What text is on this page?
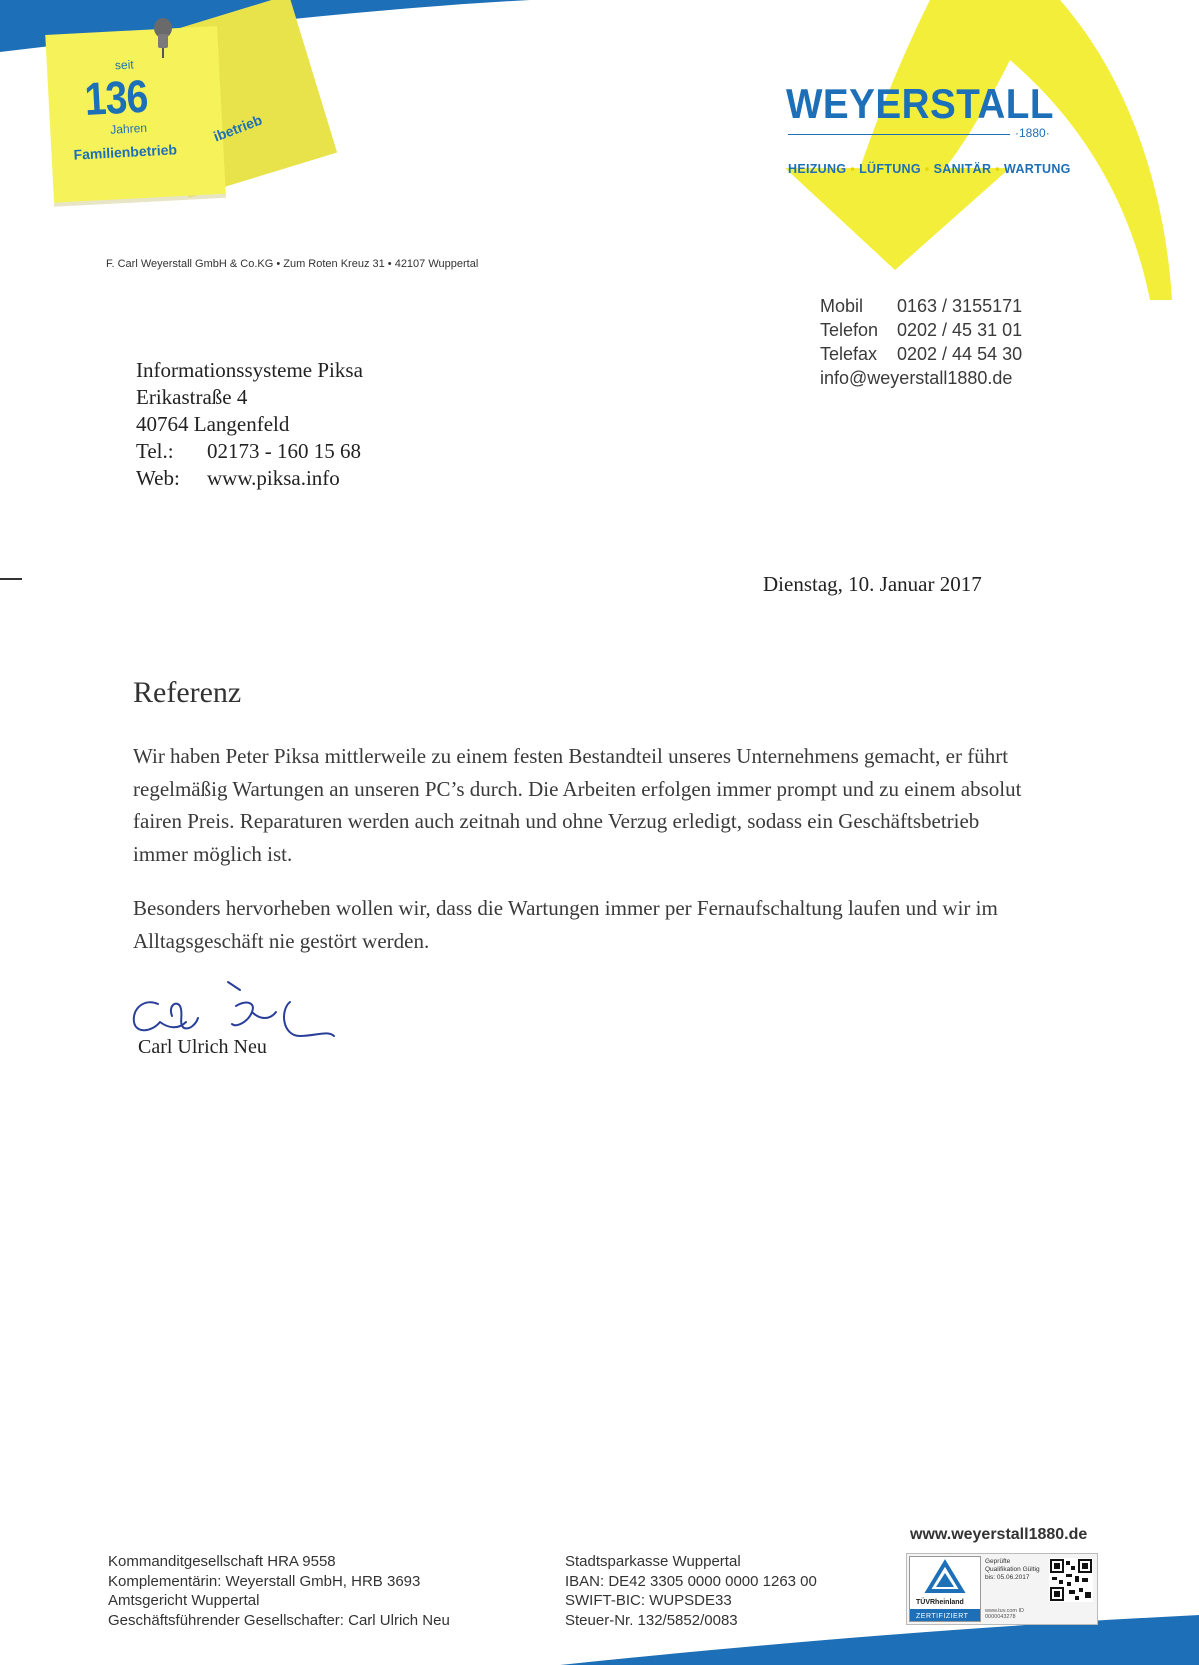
seit
136
Jahren
Familienbetrieb
ibetrieb
WEYERSTALL
·1880·
HEIZUNG ▪ LÜFTUNG ▪ SANITÄR ▪ WARTUNG
F. Carl Weyerstall GmbH & Co.KG • Zum Roten Kreuz 31 • 42107 Wuppertal
Mobil 0163 / 3155171
Telefon 0202 / 45 31 01
Telefax 0202 / 44 54 30
info@weyerstall1880.de
Informationssysteme Piksa
Erikastraße 4
40764 Langenfeld
Tel.: 02173 - 160 15 68
Web: www.piksa.info
Dienstag, 10. Januar 2017
Referenz

Wir haben Peter Piksa mittlerweile zu einem festen Bestandteil unseres Unternehmens gemacht, er führt regelmäßig Wartungen an unseren PC’s durch. Die Arbeiten erfolgen immer prompt und zu einem absolut fairen Preis. Reparaturen werden auch zeitnah und ohne Verzug erledigt, sodass ein Geschäftsbetrieb immer möglich ist.

Besonders hervorheben wollen wir, dass die Wartungen immer per Fernaufschaltung laufen und wir im Alltagsgeschäft nie gestört werden.

Carl Ulrich Neu
www.weyerstall1880.de
Kommanditgesellschaft HRA 9558
Komplementärin: Weyerstall GmbH, HRB 3693
Amtsgericht Wuppertal
Geschäftsführender Gesellschafter: Carl Ulrich Neu
Stadtsparkasse Wuppertal
IBAN: DE42 3305 0000 0000 1263 00
SWIFT-BIC: WUPSDE33
Steuer-Nr. 132/5852/0083
TÜVRheinland
ZERTIFIZIERT
Geprüfte Qualifikation Gültig bis: 05.06.2017
www.tuv.com ID 0000043278
